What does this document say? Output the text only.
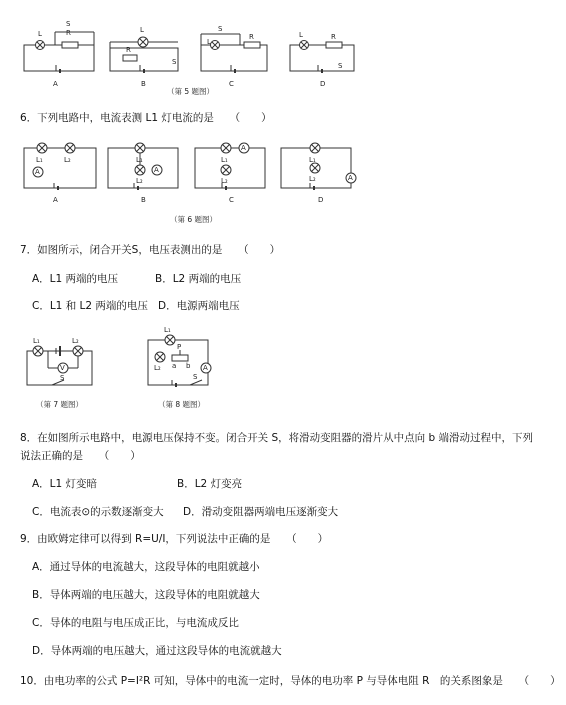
L	R
S
L
R
S
L
R
S
L	R
S
A	B	C	D
（第 5 题图）
6．下列电路中，电流表测 L1 灯电流的是　　（　　）
L₁	L₂
A
L₁
L₂
A
L₁
L₂
A
L₁
L₂	A
A	B	C	D
（第 6 题图）
7．如图所示，闭合开关S，电压表测出的是　　（　　）
A．L1 两端的电压	B．L2 两端的电压
C．L1 和 L2 两端的电压 D．电源两端电压
L₁	L₂
V
S
（第 7 题图）
L₁
L₂
P
a b A
S
（第 8 题图）
8．在如图所示电路中，电源电压保持不变。闭合开关 S，将滑动变阻器的滑片从中点向 b 端滑动过程中，下列
说法正确的是　　（　　）
A．L1 灯变暗	B．L2 灯变亮
C．电流表⊙的示数逐渐变大 D．滑动变阻器两端电压逐渐变大
9．由欧姆定律可以得到 R=U/I，下列说法中正确的是　　（　　）
A．通过导体的电流越大，这段导体的电阻就越小
B．导体两端的电压越大，这段导体的电阻就越大
C．导体的电阻与电压成正比，与电流成反比
D．导体两端的电压越大，通过这段导体的电流就越大
10．由电功率的公式 P=I²R 可知，导体中的电流一定时，导体的电功率 P 与导体电阻 R　的关系图象是　　（　　）
